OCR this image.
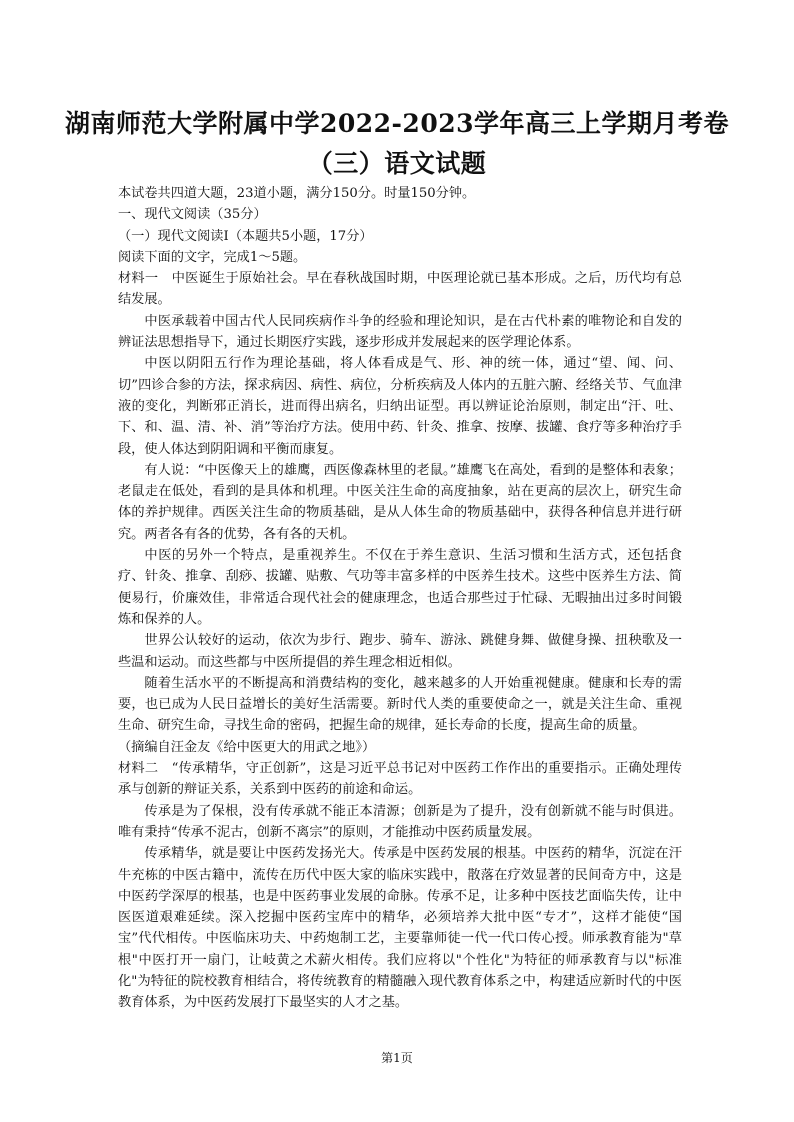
湖南师范大学附属中学2022-2023学年高三上学期月考卷
（三）语文试题

本试卷共四道大题，23道小题，满分150分。时量150分钟。

一、现代文阅读（35分）

（一）现代文阅读Ⅰ（本题共5小题，17分）

阅读下面的文字，完成1～5题。

材料一　中医诞生于原始社会。早在春秋战国时期，中医理论就已基本形成。之后，历代均有总结发展。

中医承载着中国古代人民同疾病作斗争的经验和理论知识，是在古代朴素的唯物论和自发的辨证法思想指导下，通过长期医疗实践，逐步形成并发展起来的医学理论体系。

中医以阴阳五行作为理论基础，将人体看成是气、形、神的统一体，通过“望、闻、问、切”四诊合参的方法，探求病因、病性、病位，分析疾病及人体内的五脏六腑、经络关节、气血津液的变化，判断邪正消长，进而得出病名，归纳出证型。再以辨证论治原则，制定出“汗、吐、下、和、温、清、补、消”等治疗方法。使用中药、针灸、推拿、按摩、拔罐、食疗等多种治疗手段，使人体达到阴阳调和平衡而康复。

有人说：“中医像天上的雄鹰，西医像森林里的老鼠。”雄鹰飞在高处，看到的是整体和表象；老鼠走在低处，看到的是具体和机理。中医关注生命的高度抽象，站在更高的层次上，研究生命体的养护规律。西医关注生命的物质基础，是从人体生命的物质基础中，获得各种信息并进行研究。两者各有各的优势，各有各的天机。

中医的另外一个特点，是重视养生。不仅在于养生意识、生活习惯和生活方式，还包括食疗、针灸、推拿、刮痧、拔罐、贴敷、气功等丰富多样的中医养生技术。这些中医养生方法、简便易行，价廉效佳，非常适合现代社会的健康理念，也适合那些过于忙碌、无暇抽出过多时间锻炼和保养的人。

世界公认较好的运动，依次为步行、跑步、骑车、游泳、跳健身舞、做健身操、扭秧歌及一些温和运动。而这些都与中医所提倡的养生理念相近相似。

随着生活水平的不断提高和消费结构的变化，越来越多的人开始重视健康。健康和长寿的需要，也已成为人民日益增长的美好生活需要。新时代人类的重要使命之一，就是关注生命、重视生命、研究生命，寻找生命的密码，把握生命的规律，延长寿命的长度，提高生命的质量。

（摘编自汪金友《给中医更大的用武之地》）

材料二　“传承精华，守正创新”，这是习近平总书记对中医药工作作出的重要指示。正确处理传承与创新的辩证关系，关系到中医药的前途和命运。

传承是为了保根，没有传承就不能正本清源；创新是为了提升，没有创新就不能与时俱进。唯有秉持“传承不泥古，创新不离宗”的原则，才能推动中医药质量发展。

传承精华，就是要让中医药发扬光大。传承是中医药发展的根基。中医药的精华，沉淀在汗牛充栋的中医古籍中，流传在历代中医大家的临床实践中，散落在疗效显著的民间奇方中，这是中医药学深厚的根基，也是中医药事业发展的命脉。传承不足，让多种中医技艺面临失传，让中医医道艰难延续。深入挖掘中医药宝库中的精华，必须培养大批中医“专才”，这样才能使“国宝”代代相传。中医临床功夫、中药炮制工艺，主要靠师徒一代一代口传心授。师承教育能为"草根"中医打开一扇门，让岐黄之术薪火相传。我们应将以"个性化"为特征的师承教育与以"标准化"为特征的院校教育相结合，将传统教育的精髓融入现代教育体系之中，构建适应新时代的中医教育体系，为中医药发展打下最坚实的人才之基。

第1页
